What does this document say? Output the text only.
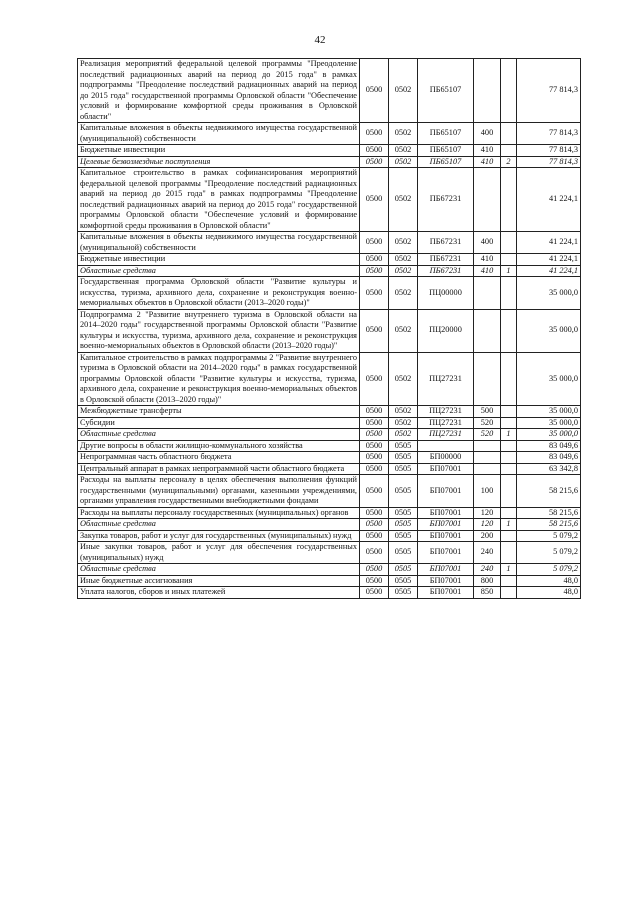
42
Реализация мероприятий федеральной целевой программы "Преодоление последствий радиационных аварий на период до 2015 года" в рамках подпрограммы "Преодоление последствий радиационных аварий на период до 2015 года" государственной программы Орловской области "Обеспечение условий и формирование комфортной среды проживания в Орловской области"	0500	0502	ПБ65107			77 814,3
Капитальные вложения в объекты недвижимого имущества государственной (муниципальной) собственности	0500	0502	ПБ65107	400		77 814,3
Бюджетные инвестиции	0500	0502	ПБ65107	410		77 814,3
Целевые безвозмездные поступления	0500	0502	ПБ65107	410	2	77 814,3
Капитальное строительство в рамках софинансирования мероприятий федеральной целевой программы "Преодоление последствий радиационных аварий на период до 2015 года" в рамках подпрограммы "Преодоление последствий радиационных аварий на период до 2015 года" государственной программы Орловской области "Обеспечение условий и формирование комфортной среды проживания в Орловской области"	0500	0502	ПБ67231			41 224,1
Капитальные вложения в объекты недвижимого имущества государственной (муниципальной) собственности	0500	0502	ПБ67231	400		41 224,1
Бюджетные инвестиции	0500	0502	ПБ67231	410		41 224,1
Областные средства	0500	0502	ПБ67231	410	1	41 224,1
Государственная программа Орловской области "Развитие культуры и искусства, туризма, архивного дела, сохранение и реконструкция военно-мемориальных объектов в Орловской области (2013–2020 годы)"	0500	0502	ПЦ00000			35 000,0
Подпрограмма 2 "Развитие внутреннего туризма в Орловской области на 2014–2020 годы" государственной программы Орловской области "Развитие культуры и искусства, туризма, архивного дела, сохранение и реконструкция военно-мемориальных объектов в Орловской области (2013–2020 годы)"	0500	0502	ПЦ20000			35 000,0
Капитальное строительство в рамках подпрограммы 2 "Развитие внутреннего туризма в Орловской области на 2014–2020 годы" в рамках государственной программы Орловской области "Развитие культуры и искусства, туризма, архивного дела, сохранение и реконструкция военно-мемориальных объектов в Орловской области (2013–2020 годы)"	0500	0502	ПЦ27231			35 000,0
Межбюджетные трансферты	0500	0502	ПЦ27231	500		35 000,0
Субсидии	0500	0502	ПЦ27231	520		35 000,0
Областные средства	0500	0502	ПЦ27231	520	1	35 000,0
Другие вопросы в области жилищно-коммунального хозяйства	0500	0505				83 049,6
Непрограммная часть областного бюджета	0500	0505	БП00000			83 049,6
Центральный аппарат в рамках непрограммной части областного бюджета	0500	0505	БП07001			63 342,8
Расходы на выплаты персоналу в целях обеспечения выполнения функций государственными (муниципальными) органами, казенными учреждениями, органами управления государственными внебюджетными фондами	0500	0505	БП07001	100		58 215,6
Расходы на выплаты персоналу государственных (муниципальных) органов	0500	0505	БП07001	120		58 215,6
Областные средства	0500	0505	БП07001	120	1	58 215,6
Закупка товаров, работ и услуг для государственных (муниципальных) нужд	0500	0505	БП07001	200		5 079,2
Иные закупки товаров, работ и услуг для обеспечения государственных (муниципальных) нужд	0500	0505	БП07001	240		5 079,2
Областные средства	0500	0505	БП07001	240	1	5 079,2
Иные бюджетные ассигнования	0500	0505	БП07001	800		48,0
Уплата налогов, сборов и иных платежей	0500	0505	БП07001	850		48,0
